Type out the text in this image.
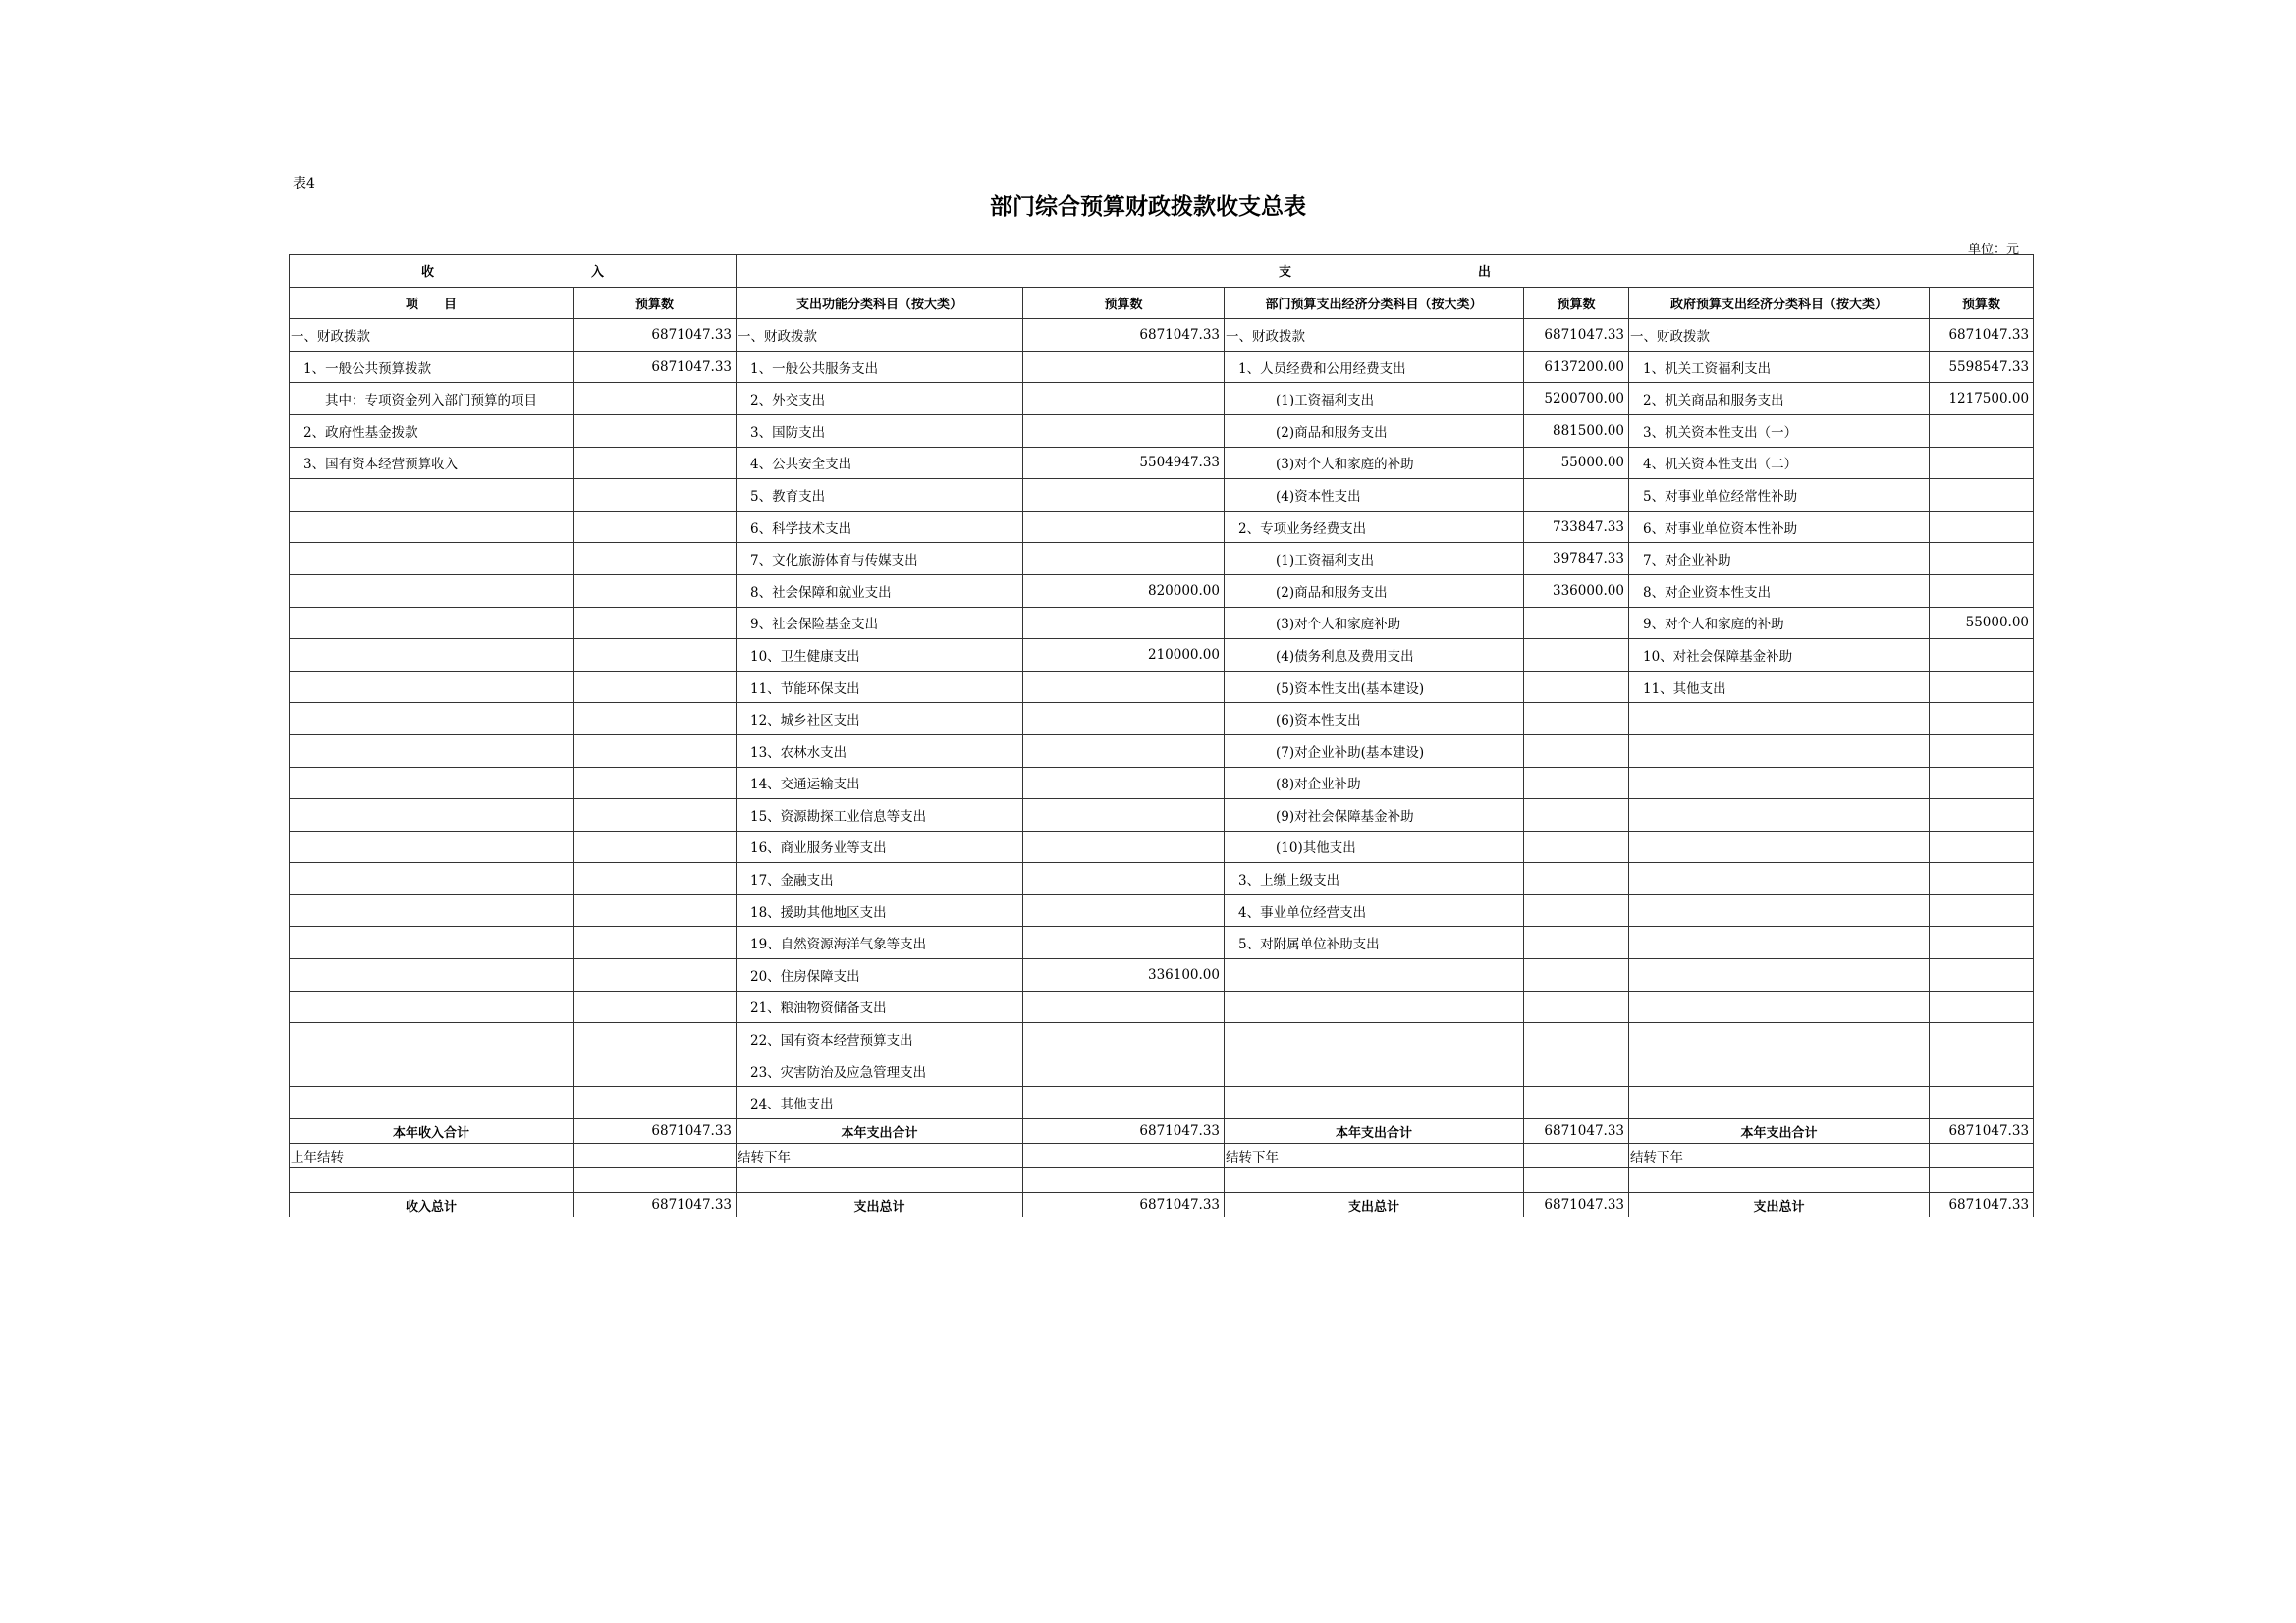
表4
部门综合预算财政拨款收支总表
单位：元
收 入		支 出					
项 目	预算数	支出功能分类科目（按大类）	预算数	部门预算支出经济分类科目（按大类）	预算数	政府预算支出经济分类科目（按大类）	预算数
一、财政拨款	6871047.33	一、财政拨款	6871047.33	一、财政拨款	6871047.33	一、财政拨款	6871047.33
1、一般公共预算拨款	6871047.33	1、一般公共服务支出		1、人员经费和公用经费支出	6137200.00	1、机关工资福利支出	5598547.33
其中：专项资金列入部门预算的项目		2、外交支出		(1)工资福利支出	5200700.00	2、机关商品和服务支出	1217500.00
2、政府性基金拨款		3、国防支出		(2)商品和服务支出	881500.00	3、机关资本性支出（一）	
3、国有资本经营预算收入		4、公共安全支出	5504947.33	(3)对个人和家庭的补助	55000.00	4、机关资本性支出（二）	
		5、教育支出		(4)资本性支出		5、对事业单位经常性补助	
		6、科学技术支出		2、专项业务经费支出	733847.33	6、对事业单位资本性补助	
		7、文化旅游体育与传媒支出		(1)工资福利支出	397847.33	7、对企业补助	
		8、社会保障和就业支出	820000.00	(2)商品和服务支出	336000.00	8、对企业资本性支出	
		9、社会保险基金支出		(3)对个人和家庭补助		9、对个人和家庭的补助	55000.00
		10、卫生健康支出	210000.00	(4)债务利息及费用支出		10、对社会保障基金补助	
		11、节能环保支出		(5)资本性支出(基本建设)		11、其他支出	
		12、城乡社区支出		(6)资本性支出			
		13、农林水支出		(7)对企业补助(基本建设)			
		14、交通运输支出		(8)对企业补助			
		15、资源勘探工业信息等支出		(9)对社会保障基金补助			
		16、商业服务业等支出		(10)其他支出			
		17、金融支出		3、上缴上级支出			
		18、援助其他地区支出		4、事业单位经营支出			
		19、自然资源海洋气象等支出		5、对附属单位补助支出			
		20、住房保障支出	336100.00				
		21、粮油物资储备支出					
		22、国有资本经营预算支出					
		23、灾害防治及应急管理支出					
		24、其他支出					
本年收入合计	6871047.33	本年支出合计	6871047.33	本年支出合计	6871047.33	本年支出合计	6871047.33
上年结转		结转下年		结转下年		结转下年	

收入总计	6871047.33	支出总计	6871047.33	支出总计	6871047.33	支出总计	6871047.33
